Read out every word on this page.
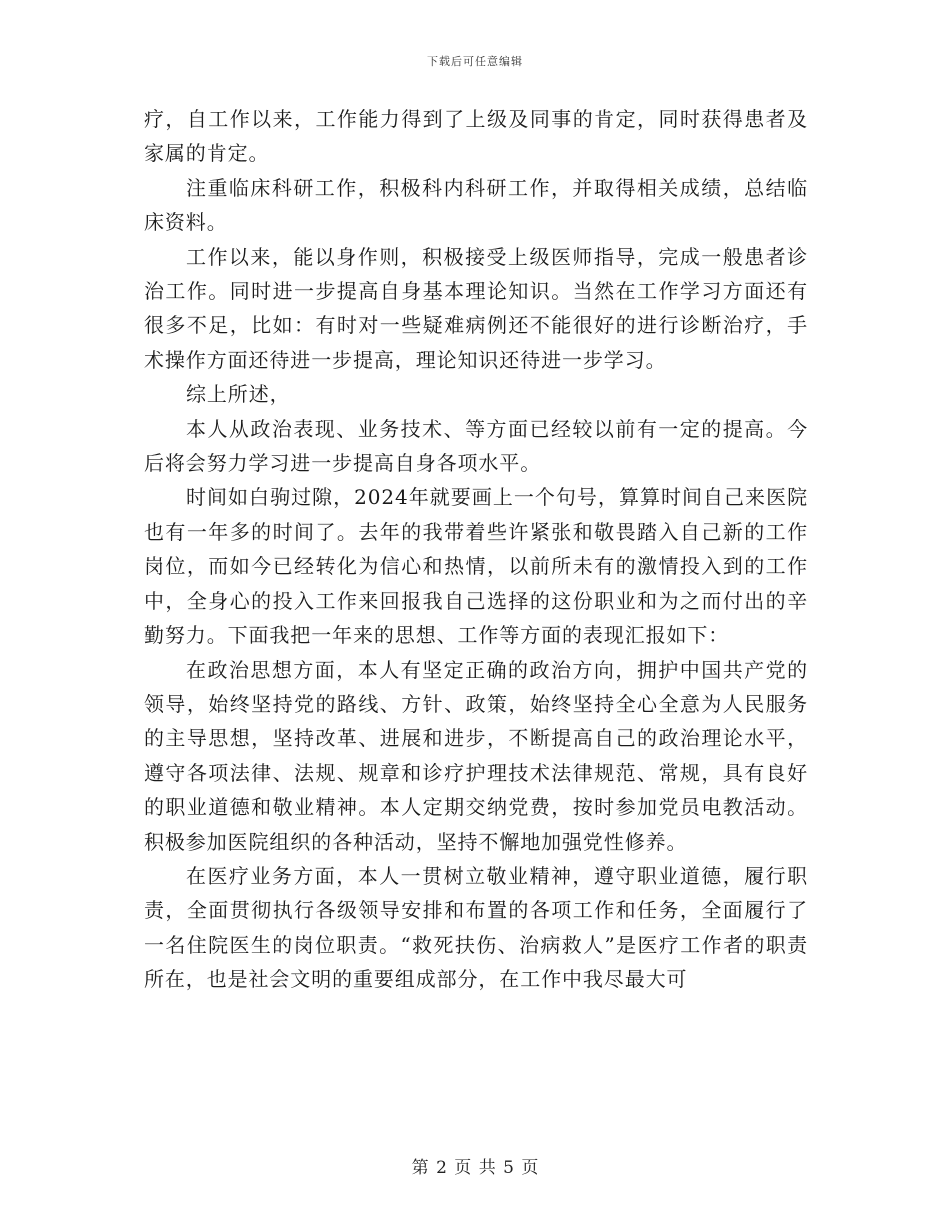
下载后可任意编辑

疗，自工作以来，工作能力得到了上级及同事的肯定，同时获得患者及家属的肯定。

注重临床科研工作，积极科内科研工作，并取得相关成绩，总结临床资料。

工作以来，能以身作则，积极接受上级医师指导，完成一般患者诊治工作。同时进一步提高自身基本理论知识。当然在工作学习方面还有很多不足，比如：有时对一些疑难病例还不能很好的进行诊断治疗，手术操作方面还待进一步提高，理论知识还待进一步学习。

综上所述，

本人从政治表现、业务技术、等方面已经较以前有一定的提高。今后将会努力学习进一步提高自身各项水平。

时间如白驹过隙，2024年就要画上一个句号，算算时间自己来医院也有一年多的时间了。去年的我带着些许紧张和敬畏踏入自己新的工作岗位，而如今已经转化为信心和热情，以前所未有的激情投入到的工作中，全身心的投入工作来回报我自己选择的这份职业和为之而付出的辛勤努力。下面我把一年来的思想、工作等方面的表现汇报如下：

在政治思想方面，本人有坚定正确的政治方向，拥护中国共产党的领导，始终坚持党的路线、方针、政策，始终坚持全心全意为人民服务的主导思想，坚持改革、进展和进步，不断提高自己的政治理论水平，遵守各项法律、法规、规章和诊疗护理技术法律规范、常规，具有良好的职业道德和敬业精神。本人定期交纳党费，按时参加党员电教活动。积极参加医院组织的各种活动，坚持不懈地加强党性修养。

在医疗业务方面，本人一贯树立敬业精神，遵守职业道德，履行职责，全面贯彻执行各级领导安排和布置的各项工作和任务，全面履行了一名住院医生的岗位职责。“救死扶伤、治病救人”是医疗工作者的职责所在，也是社会文明的重要组成部分，在工作中我尽最大可

第 2 页 共 5 页
